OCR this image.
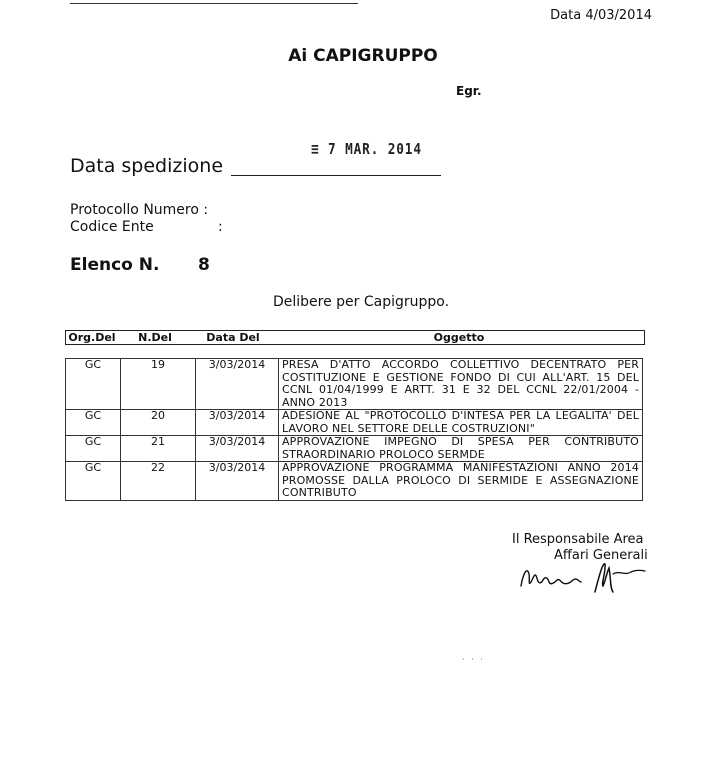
Data 4/03/2014
Ai CAPIGRUPPO
Egr.
≡ 7 MAR. 2014
Data spedizione
Protocollo Numero :
Codice Ente	:
Elenco N. 8
Delibere per Capigruppo.
Org.Del	N.Del	Data Del	Oggetto
GC	19	3/03/2014	PRESA D'ATTO ACCORDO COLLETTIVO DECENTRATO PER COSTITUZIONE E GESTIONE FONDO DI CUI ALL'ART. 15 DEL CCNL 01/04/1999 E ARTT. 31 E 32 DEL CCNL 22/01/2004 - ANNO 2013
GC	20	3/03/2014	ADESIONE AL "PROTOCOLLO D'INTESA PER LA LEGALITA' DEL LAVORO NEL SETTORE DELLE COSTRUZIONI"
GC	21	3/03/2014	APPROVAZIONE IMPEGNO DI SPESA PER CONTRIBUTO STRAORDINARIO PROLOCO SERMDE
GC	22	3/03/2014	APPROVAZIONE PROGRAMMA MANIFESTAZIONI ANNO 2014 PROMOSSE DALLA PROLOCO DI SERMIDE E ASSEGNAZIONE CONTRIBUTO
Il Responsabile Area
Affari Generali
· · ·
